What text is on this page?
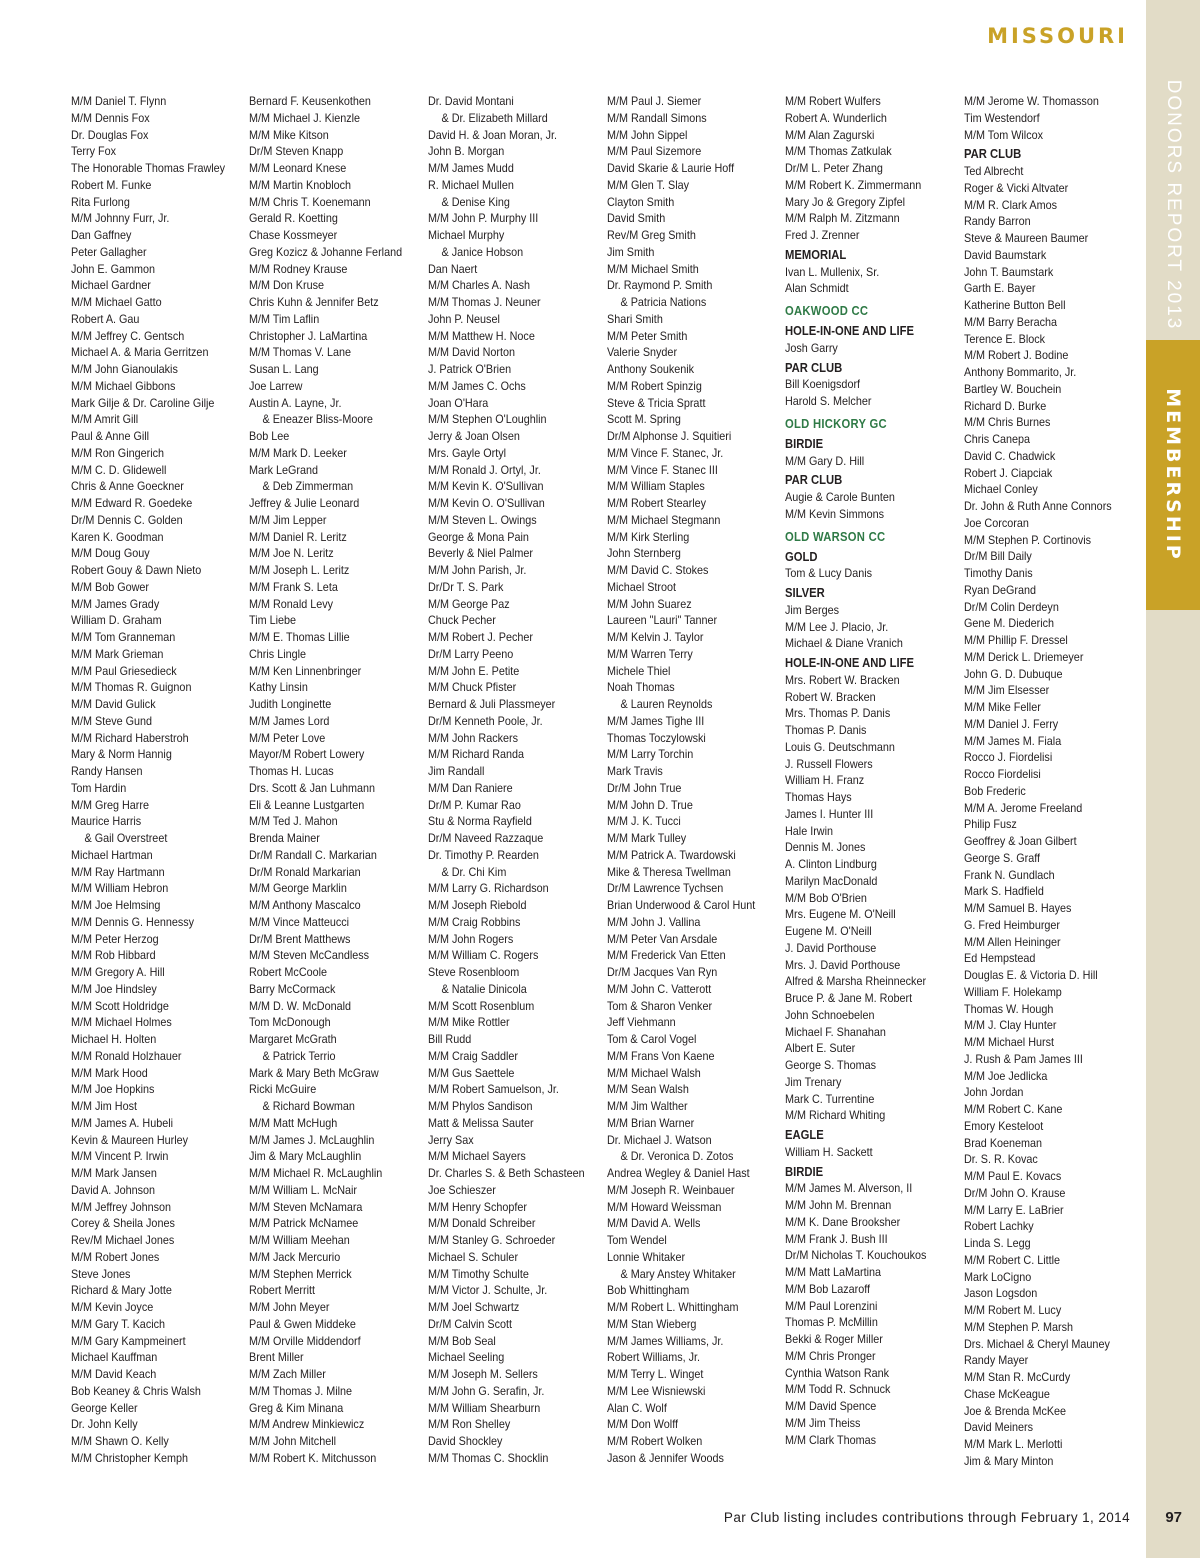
DONORS REPORT 2013
MEMBERSHIP
MISSOURI
M/M Daniel T. Flynn
M/M Dennis Fox
Dr. Douglas Fox
Terry Fox
The Honorable Thomas Frawley
Robert M. Funke
Rita Furlong
M/M Johnny Furr, Jr.
Dan Gaffney
Peter Gallagher
John E. Gammon
Michael Gardner
M/M Michael Gatto
Robert A. Gau
M/M Jeffrey C. Gentsch
Michael A. & Maria Gerritzen
M/M John Gianoulakis
M/M Michael Gibbons
Mark Gilje & Dr. Caroline Gilje
M/M Amrit Gill
Paul & Anne Gill
M/M Ron Gingerich
M/M C. D. Glidewell
Chris & Anne Goeckner
M/M Edward R. Goedeke
Dr/M Dennis C. Golden
Karen K. Goodman
M/M Doug Gouy
Robert Gouy & Dawn Nieto
M/M Bob Gower
M/M James Grady
William D. Graham
M/M Tom Granneman
M/M Mark Grieman
M/M Paul Griesedieck
M/M Thomas R. Guignon
M/M David Gulick
M/M Steve Gund
M/M Richard Haberstroh
Mary & Norm Hannig
Randy Hansen
Tom Hardin
M/M Greg Harre
Maurice Harris
& Gail Overstreet
Michael Hartman
M/M Ray Hartmann
M/M William Hebron
M/M Joe Helmsing
M/M Dennis G. Hennessy
M/M Peter Herzog
M/M Rob Hibbard
M/M Gregory A. Hill
M/M Joe Hindsley
M/M Scott Holdridge
M/M Michael Holmes
Michael H. Holten
M/M Ronald Holzhauer
M/M Mark Hood
M/M Joe Hopkins
M/M Jim Host
M/M James A. Hubeli
Kevin & Maureen Hurley
M/M Vincent P. Irwin
M/M Mark Jansen
David A. Johnson
M/M Jeffrey Johnson
Corey & Sheila Jones
Rev/M Michael Jones
M/M Robert Jones
Steve Jones
Richard & Mary Jotte
M/M Kevin Joyce
M/M Gary T. Kacich
M/M Gary Kampmeinert
Michael Kauffman
M/M David Keach
Bob Keaney & Chris Walsh
George Keller
Dr. John Kelly
M/M Shawn O. Kelly
M/M Christopher Kemph
Bernard F. Keusenkothen
M/M Michael J. Kienzle
M/M Mike Kitson
Dr/M Steven Knapp
M/M Leonard Knese
M/M Martin Knobloch
M/M Chris T. Koenemann
Gerald R. Koetting
Chase Kossmeyer
Greg Kozicz & Johanne Ferland
M/M Rodney Krause
M/M Don Kruse
Chris Kuhn & Jennifer Betz
M/M Tim Laflin
Christopher J. LaMartina
M/M Thomas V. Lane
Susan L. Lang
Joe Larrew
Austin A. Layne, Jr.
& Eneazer Bliss-Moore
Bob Lee
M/M Mark D. Leeker
Mark LeGrand
& Deb Zimmerman
Jeffrey & Julie Leonard
M/M Jim Lepper
M/M Daniel R. Leritz
M/M Joe N. Leritz
M/M Joseph L. Leritz
M/M Frank S. Leta
M/M Ronald Levy
Tim Liebe
M/M E. Thomas Lillie
Chris Lingle
M/M Ken Linnenbringer
Kathy Linsin
Judith Longinette
M/M James Lord
M/M Peter Love
Mayor/M Robert Lowery
Thomas H. Lucas
Drs. Scott & Jan Luhmann
Eli & Leanne Lustgarten
M/M Ted J. Mahon
Brenda Mainer
Dr/M Randall C. Markarian
Dr/M Ronald Markarian
M/M George Marklin
M/M Anthony Mascalco
M/M Vince Matteucci
Dr/M Brent Matthews
M/M Steven McCandless
Robert McCoole
Barry McCormack
M/M D. W. McDonald
Tom McDonough
Margaret McGrath
& Patrick Terrio
Mark & Mary Beth McGraw
Ricki McGuire
& Richard Bowman
M/M Matt McHugh
M/M James J. McLaughlin
Jim & Mary McLaughlin
M/M Michael R. McLaughlin
M/M William L. McNair
M/M Steven McNamara
M/M Patrick McNamee
M/M William Meehan
M/M Jack Mercurio
M/M Stephen Merrick
Robert Merritt
M/M John Meyer
Paul & Gwen Middeke
M/M Orville Middendorf
Brent Miller
M/M Zach Miller
M/M Thomas J. Milne
Greg & Kim Minana
M/M Andrew Minkiewicz
M/M John Mitchell
M/M Robert K. Mitchusson
Dr. David Montani
& Dr. Elizabeth Millard
David H. & Joan Moran, Jr.
John B. Morgan
M/M James Mudd
R. Michael Mullen
& Denise King
M/M John P. Murphy III
Michael Murphy
& Janice Hobson
Dan Naert
M/M Charles A. Nash
M/M Thomas J. Neuner
John P. Neusel
M/M Matthew H. Noce
M/M David Norton
J. Patrick O'Brien
M/M James C. Ochs
Joan O'Hara
M/M Stephen O'Loughlin
Jerry & Joan Olsen
Mrs. Gayle Ortyl
M/M Ronald J. Ortyl, Jr.
M/M Kevin K. O'Sullivan
M/M Kevin O. O'Sullivan
M/M Steven L. Owings
George & Mona Pain
Beverly & Niel Palmer
M/M John Parish, Jr.
Dr/Dr T. S. Park
M/M George Paz
Chuck Pecher
M/M Robert J. Pecher
Dr/M Larry Peeno
M/M John E. Petite
M/M Chuck Pfister
Bernard & Juli Plassmeyer
Dr/M Kenneth Poole, Jr.
M/M John Rackers
M/M Richard Randa
Jim Randall
M/M Dan Raniere
Dr/M P. Kumar Rao
Stu & Norma Rayfield
Dr/M Naveed Razzaque
Dr. Timothy P. Rearden
& Dr. Chi Kim
M/M Larry G. Richardson
M/M Joseph Riebold
M/M Craig Robbins
M/M John Rogers
M/M William C. Rogers
Steve Rosenbloom
& Natalie Dinicola
M/M Scott Rosenblum
M/M Mike Rottler
Bill Rudd
M/M Craig Saddler
M/M Gus Saettele
M/M Robert Samuelson, Jr.
M/M Phylos Sandison
Matt & Melissa Sauter
Jerry Sax
M/M Michael Sayers
Dr. Charles S. & Beth Schasteen
Joe Schieszer
M/M Henry Schopfer
M/M Donald Schreiber
M/M Stanley G. Schroeder
Michael S. Schuler
M/M Timothy Schulte
M/M Victor J. Schulte, Jr.
M/M Joel Schwartz
Dr/M Calvin Scott
M/M Bob Seal
Michael Seeling
M/M Joseph M. Sellers
M/M John G. Serafin, Jr.
M/M William Shearburn
M/M Ron Shelley
David Shockley
M/M Thomas C. Shocklin
M/M Paul J. Siemer
M/M Randall Simons
M/M John Sippel
M/M Paul Sizemore
David Skarie & Laurie Hoff
M/M Glen T. Slay
Clayton Smith
David Smith
Rev/M Greg Smith
Jim Smith
M/M Michael Smith
Dr. Raymond P. Smith
& Patricia Nations
Shari Smith
M/M Peter Smith
Valerie Snyder
Anthony Soukenik
M/M Robert Spinzig
Steve & Tricia Spratt
Scott M. Spring
Dr/M Alphonse J. Squitieri
M/M Vince F. Stanec, Jr.
M/M Vince F. Stanec III
M/M William Staples
M/M Robert Stearley
M/M Michael Stegmann
M/M Kirk Sterling
John Sternberg
M/M David C. Stokes
Michael Stroot
M/M John Suarez
Laureen "Lauri" Tanner
M/M Kelvin J. Taylor
M/M Warren Terry
Michele Thiel
Noah Thomas
& Lauren Reynolds
M/M James Tighe III
Thomas Toczylowski
M/M Larry Torchin
Mark Travis
Dr/M John True
M/M John D. True
M/M J. K. Tucci
M/M Mark Tulley
M/M Patrick A. Twardowski
Mike & Theresa Twellman
Dr/M Lawrence Tychsen
Brian Underwood & Carol Hunt
M/M John J. Vallina
M/M Peter Van Arsdale
M/M Frederick Van Etten
Dr/M Jacques Van Ryn
M/M John C. Vatterott
Tom & Sharon Venker
Jeff Viehmann
Tom & Carol Vogel
M/M Frans Von Kaene
M/M Michael Walsh
M/M Sean Walsh
M/M Jim Walther
M/M Brian Warner
Dr. Michael J. Watson
& Dr. Veronica D. Zotos
Andrea Wegley & Daniel Hast
M/M Joseph R. Weinbauer
M/M Howard Weissman
M/M David A. Wells
Tom Wendel
Lonnie Whitaker
& Mary Anstey Whitaker
Bob Whittingham
M/M Robert L. Whittingham
M/M Stan Wieberg
M/M James Williams, Jr.
Robert Williams, Jr.
M/M Terry L. Winget
M/M Lee Wisniewski
Alan C. Wolf
M/M Don Wolff
M/M Robert Wolken
Jason & Jennifer Woods
M/M Robert Wulfers
Robert A. Wunderlich
M/M Alan Zagurski
M/M Thomas Zatkulak
Dr/M L. Peter Zhang
M/M Robert K. Zimmermann
Mary Jo & Gregory Zipfel
M/M Ralph M. Zitzmann
Fred J. Zrenner
MEMORIAL
Ivan L. Mullenix, Sr.
Alan Schmidt
OAKWOOD CC
HOLE-IN-ONE AND LIFE
Josh Garry
PAR CLUB
Bill Koenigsdorf
Harold S. Melcher
OLD HICKORY GC
BIRDIE
M/M Gary D. Hill
PAR CLUB
Augie & Carole Bunten
M/M Kevin Simmons
OLD WARSON CC
GOLD
Tom & Lucy Danis
SILVER
Jim Berges
M/M Lee J. Placio, Jr.
Michael & Diane Vranich
HOLE-IN-ONE AND LIFE
Mrs. Robert W. Bracken
Robert W. Bracken
Mrs. Thomas P. Danis
Thomas P. Danis
Louis G. Deutschmann
J. Russell Flowers
William H. Franz
Thomas Hays
James I. Hunter III
Hale Irwin
Dennis M. Jones
A. Clinton Lindburg
Marilyn MacDonald
M/M Bob O'Brien
Mrs. Eugene M. O'Neill
Eugene M. O'Neill
J. David Porthouse
Mrs. J. David Porthouse
Alfred & Marsha Rheinnecker
Bruce P. & Jane M. Robert
John Schnoebelen
Michael F. Shanahan
Albert E. Suter
George S. Thomas
Jim Trenary
Mark C. Turrentine
M/M Richard Whiting
EAGLE
William H. Sackett
BIRDIE
M/M James M. Alverson, II
M/M John M. Brennan
M/M K. Dane Brooksher
M/M Frank J. Bush III
Dr/M Nicholas T. Kouchoukos
M/M Matt LaMartina
M/M Bob Lazaroff
M/M Paul Lorenzini
Thomas P. McMillin
Bekki & Roger Miller
M/M Chris Pronger
Cynthia Watson Rank
M/M Todd R. Schnuck
M/M David Spence
M/M Jim Theiss
M/M Clark Thomas
M/M Jerome W. Thomasson
Tim Westendorf
M/M Tom Wilcox
PAR CLUB
Ted Albrecht
Roger & Vicki Altvater
M/M R. Clark Amos
Randy Barron
Steve & Maureen Baumer
David Baumstark
John T. Baumstark
Garth E. Bayer
Katherine Button Bell
M/M Barry Beracha
Terence E. Block
M/M Robert J. Bodine
Anthony Bommarito, Jr.
Bartley W. Bouchein
Richard D. Burke
M/M Chris Burnes
Chris Canepa
David C. Chadwick
Robert J. Ciapciak
Michael Conley
Dr. John & Ruth Anne Connors
Joe Corcoran
M/M Stephen P. Cortinovis
Dr/M Bill Daily
Timothy Danis
Ryan DeGrand
Dr/M Colin Derdeyn
Gene M. Diederich
M/M Phillip F. Dressel
M/M Derick L. Driemeyer
John G. D. Dubuque
M/M Jim Elsesser
M/M Mike Feller
M/M Daniel J. Ferry
M/M James M. Fiala
Rocco J. Fiordelisi
Rocco Fiordelisi
Bob Frederic
M/M A. Jerome Freeland
Philip Fusz
Geoffrey & Joan Gilbert
George S. Graff
Frank N. Gundlach
Mark S. Hadfield
M/M Samuel B. Hayes
G. Fred Heimburger
M/M Allen Heininger
Ed Hempstead
Douglas E. & Victoria D. Hill
William F. Holekamp
Thomas W. Hough
M/M J. Clay Hunter
M/M Michael Hurst
J. Rush & Pam James III
M/M Joe Jedlicka
John Jordan
M/M Robert C. Kane
Emory Kesteloot
Brad Koeneman
Dr. S. R. Kovac
M/M Paul E. Kovacs
Dr/M John O. Krause
M/M Larry E. LaBrier
Robert Lachky
Linda S. Legg
M/M Robert C. Little
Mark LoCigno
Jason Logsdon
M/M Robert M. Lucy
M/M Stephen P. Marsh
Drs. Michael & Cheryl Mauney
Randy Mayer
M/M Stan R. McCurdy
Chase McKeague
Joe & Brenda McKee
David Meiners
M/M Mark L. Merlotti
Jim & Mary Minton
Par Club listing includes contributions through February 1, 2014 97
